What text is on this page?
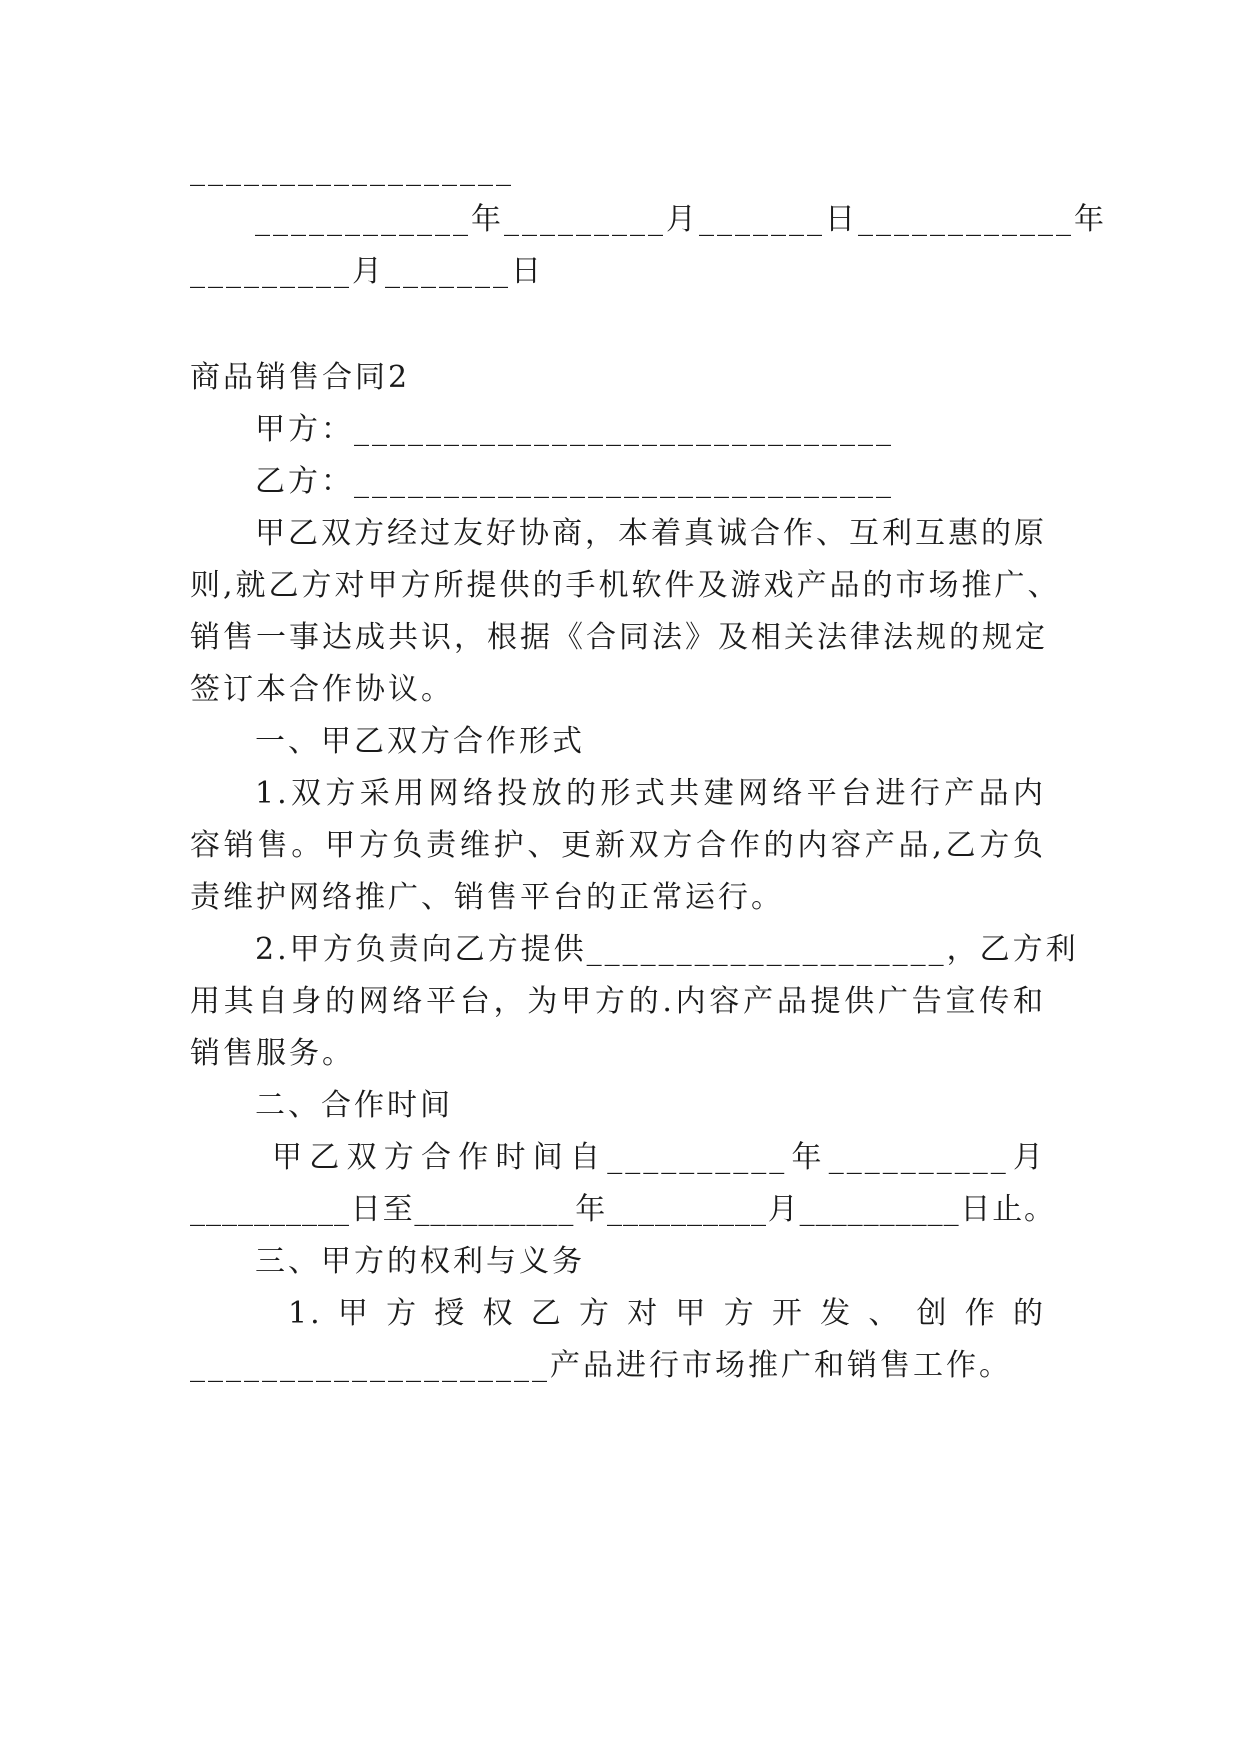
__________________
____________年_________月_______日____________年
_________月_______日
商品销售合同2
甲方：______________________________
乙方：______________________________
甲乙双方经过友好协商，本着真诚合作、互利互惠的原
则,就乙方对甲方所提供的手机软件及游戏产品的市场推广、
销售一事达成共识，根据《合同法》及相关法律法规的规定
签订本合作协议。
一、甲乙双方合作形式
1.双方采用网络投放的形式共建网络平台进行产品内
容销售。甲方负责维护、更新双方合作的内容产品,乙方负
责维护网络推广、销售平台的正常运行。
2.甲方负责向乙方提供____________________，乙方利
用其自身的网络平台，为甲方的.内容产品提供广告宣传和
销售服务。
二、合作时间
甲乙双方合作时间自__________年__________月
__________日至__________年__________月__________日止。
三、甲方的权利与义务
1.甲方授权乙方对甲方开发、创作的
____________________产品进行市场推广和销售工作。
